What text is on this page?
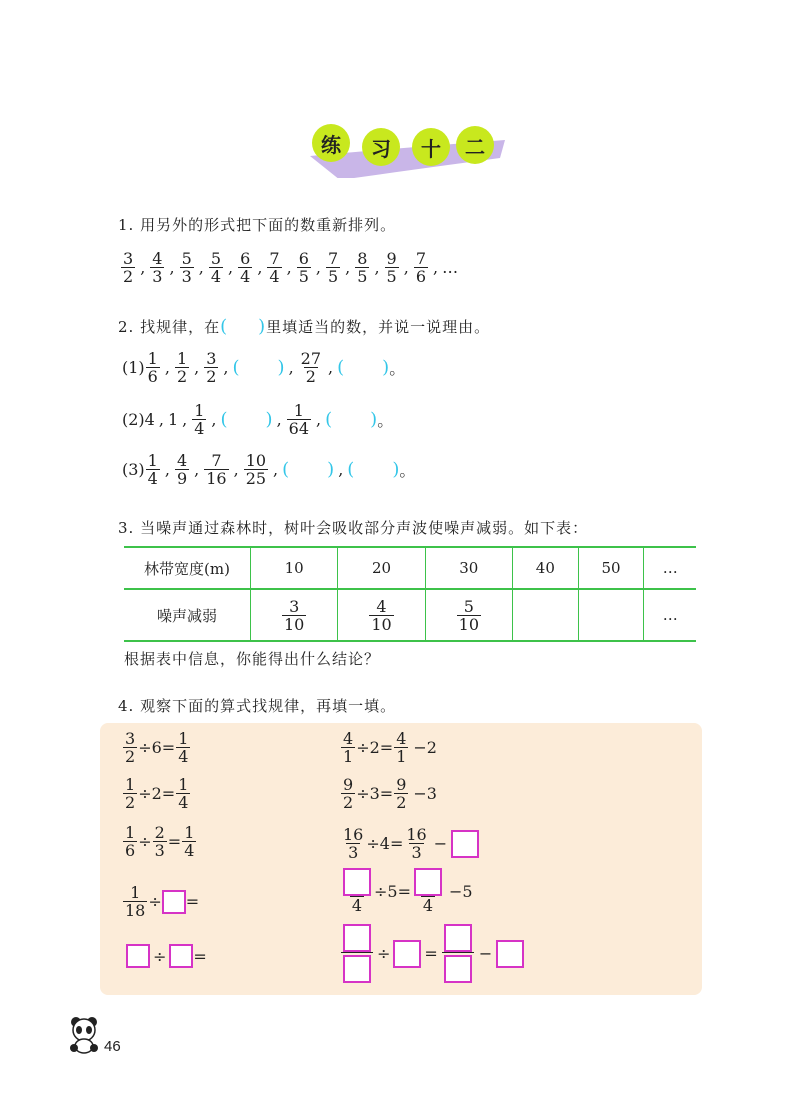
练	习	十	二
1. 用另外的形式把下面的数重新排列。
$\frac{3}{2}$ , $\frac{4}{3}$ , $\frac{5}{3}$ , $\frac{5}{4}$ , $\frac{6}{4}$ , $\frac{7}{4}$ , $\frac{6}{5}$ , $\frac{7}{5}$ , $\frac{8}{5}$ , $\frac{9}{5}$ , $\frac{7}{6}$ , …
2. 找规律，在( )里填适当的数，并说一说理由。
$(1) \frac{1}{6}$ , $\frac{1}{2}$ , $\frac{3}{2}$ , ( ) , $\frac{27}{2}$ , ( ) 。
(2) 4 , 1 , $\frac{1}{4}$ , ( ) , $\frac{1}{64}$ , ( ) 。
$(3) \frac{1}{4}$ , $\frac{4}{9}$ , $\frac{7}{16}$ , $\frac{10}{25}$ , ( ) , ( ) 。
3. 当噪声通过森林时，树叶会吸收部分声波使噪声减弱。如下表：
林带宽度(m)	10	20	30	40	50	…
噪声减弱	$\frac{3}{10}$	$\frac{4}{10}$	$\frac{5}{10}$			…
根据表中信息，你能得出什么结论？
4. 观察下面的算式找规律，再填一填。
$\frac{3}{2} \div 6= \frac{1}{4}$
$\frac{1}{2} \div 2= \frac{1}{4}$
$\frac{1}{6} \div \frac{2}{3} = \frac{1}{4}$
$\frac{1}{18}$ ÷ =
÷ =
$\frac{4}{1} \div 2= \frac{4}{1} -2$
$\frac{9}{2} \div 3= \frac{9}{2} -3$
$\frac{16}{3} \div 4= \frac{16}{3}$ −
4
÷5=
4
−5
÷ =	−
46
